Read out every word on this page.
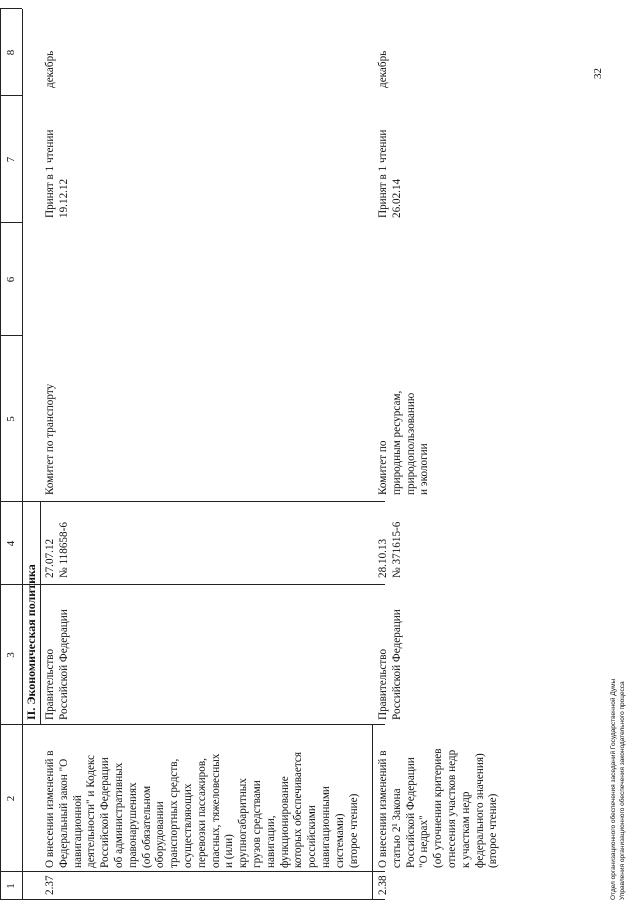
1
2
3
4
5
6
7
8
II. Экономическая политика
2.37
О внесении изменений в
Федеральный закон "О
навигационной
деятельности" и Кодекс
Российской Федерации
об административных
правонарушениях
(об обязательном
оборудовании
транспортных средств,
осуществляющих
перевозки пассажиров,
опасных, тяжеловесных
и (или)
крупногабаритных
грузов средствами
навигации,
функционирование
которых обеспечивается
российскими
навигационными
системами)
(второе чтение)
Правительство
Российской Федерации
27.07.12
№ 118658-6
Комитет по транспорту
Принят в 1 чтении
19.12.12
декабрь
2.38
О внесении изменений в
статью 2¹ Закона
Российской Федерации
"О недрах"
(об уточнении критериев
отнесения участков недр
к участкам недр
федерального значения)
(второе чтение)
Правительство
Российской Федерации
28.10.13
№ 371615-6
Комитет по
природным ресурсам,
природопользованию
и экологии
Принят в 1 чтении
26.02.14
декабрь	32
Отдел организационного обеспечения заседаний Государственной Думы Управления организационного обеспечения законодательного процесса
